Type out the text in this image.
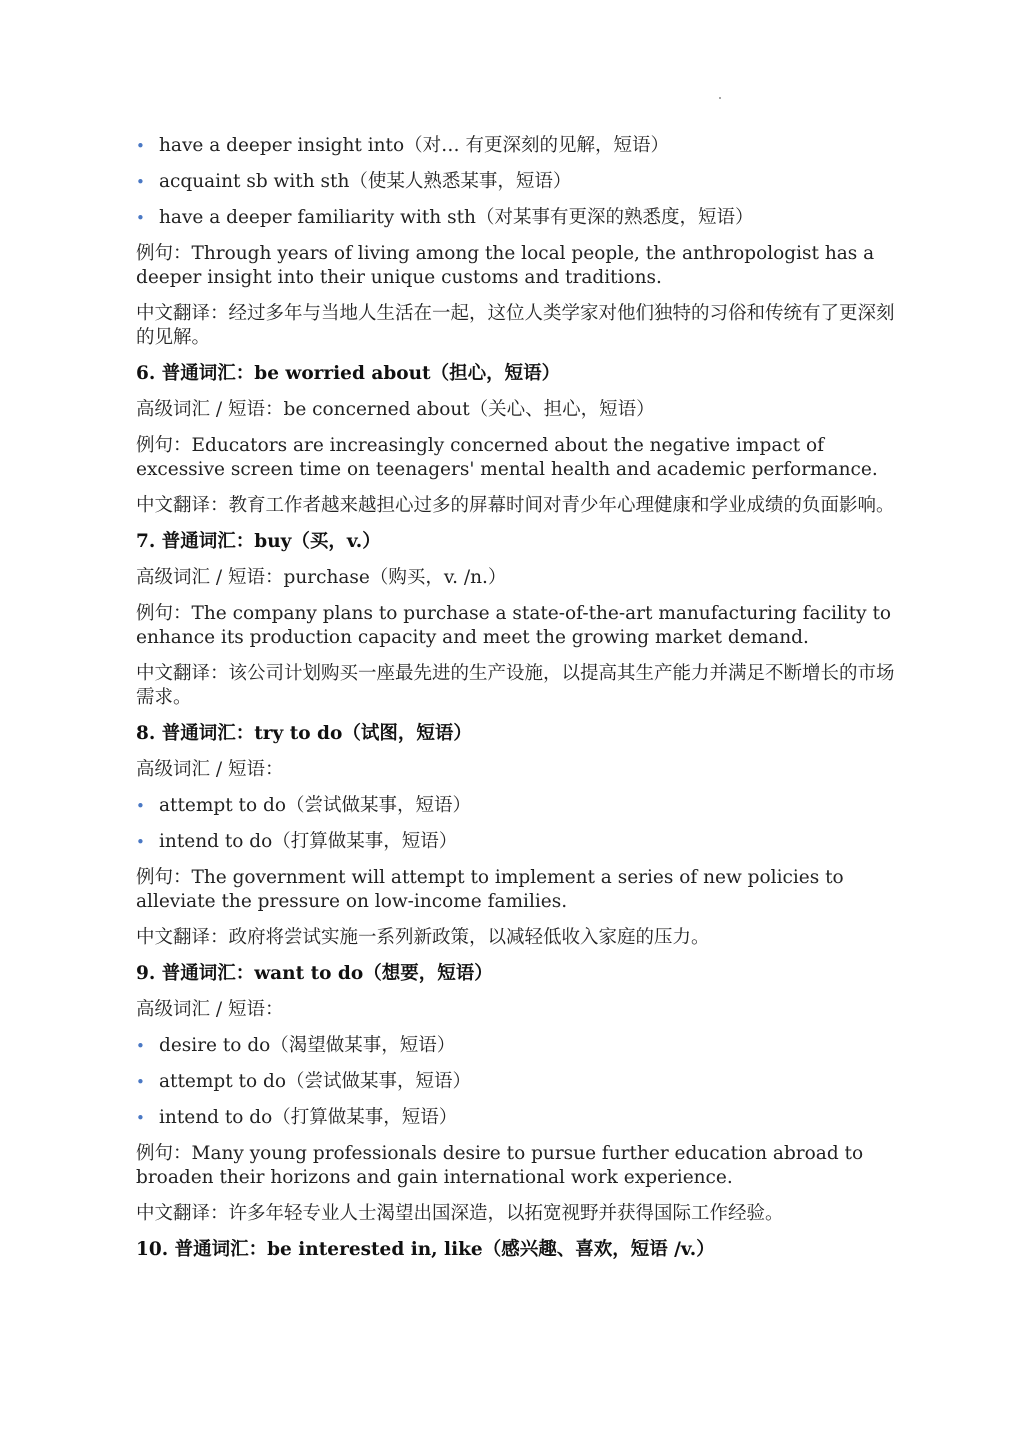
• have a deeper insight into（对… 有更深刻的见解，短语）
• acquaint sb with sth（使某人熟悉某事，短语）
• have a deeper familiarity with sth（对某事有更深的熟悉度，短语）

例句：Through years of living among the local people, the anthropologist has a deeper insight into their unique customs and traditions.

中文翻译：经过多年与当地人生活在一起，这位人类学家对他们独特的习俗和传统有了更深刻的见解。

6. 普通词汇：be worried about（担心，短语）

高级词汇 / 短语：be concerned about（关心、担心，短语）

例句：Educators are increasingly concerned about the negative impact of excessive screen time on teenagers' mental health and academic performance.

中文翻译：教育工作者越来越担心过多的屏幕时间对青少年心理健康和学业成绩的负面影响。

7. 普通词汇：buy（买，v.）

高级词汇 / 短语：purchase（购买，v. /n.）

例句：The company plans to purchase a state-of-the-art manufacturing facility to enhance its production capacity and meet the growing market demand.

中文翻译：该公司计划购买一座最先进的生产设施，以提高其生产能力并满足不断增长的市场需求。

8. 普通词汇：try to do（试图，短语）

高级词汇 / 短语：

• attempt to do（尝试做某事，短语）
• intend to do（打算做某事，短语）

例句：The government will attempt to implement a series of new policies to alleviate the pressure on low-income families.

中文翻译：政府将尝试实施一系列新政策，以减轻低收入家庭的压力。

9. 普通词汇：want to do（想要，短语）

高级词汇 / 短语：

• desire to do（渴望做某事，短语）
• attempt to do（尝试做某事，短语）
• intend to do（打算做某事，短语）

例句：Many young professionals desire to pursue further education abroad to broaden their horizons and gain international work experience.

中文翻译：许多年轻专业人士渴望出国深造，以拓宽视野并获得国际工作经验。

10. 普通词汇：be interested in, like（感兴趣、喜欢，短语 /v.）
